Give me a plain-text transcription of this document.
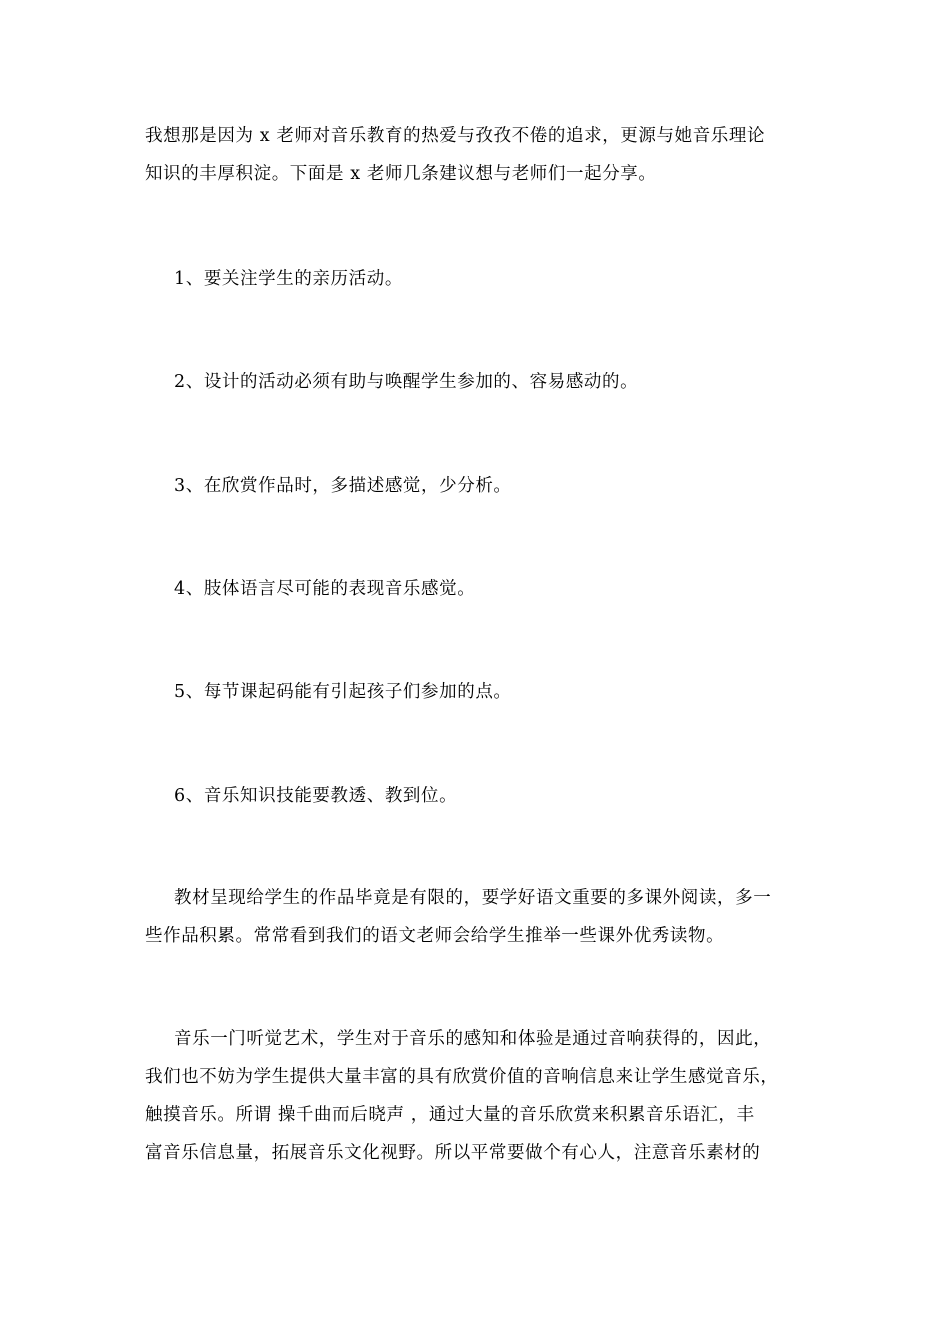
我想那是因为 x 老师对音乐教育的热爱与孜孜不倦的追求，更源与她音乐理论
知识的丰厚积淀。下面是 x 老师几条建议想与老师们一起分享。
1、要关注学生的亲历活动。
2、设计的活动必须有助与唤醒学生参加的、容易感动的。
3、在欣赏作品时，多描述感觉，少分析。
4、肢体语言尽可能的表现音乐感觉。
5、每节课起码能有引起孩子们参加的点。
6、音乐知识技能要教透、教到位。
教材呈现给学生的作品毕竟是有限的，要学好语文重要的多课外阅读，多一
些作品积累。常常看到我们的语文老师会给学生推举一些课外优秀读物。
音乐一门听觉艺术，学生对于音乐的感知和体验是通过音响获得的，因此，
我们也不妨为学生提供大量丰富的具有欣赏价值的音响信息来让学生感觉音乐，
触摸音乐。所谓 操千曲而后晓声 ，通过大量的音乐欣赏来积累音乐语汇，丰
富音乐信息量，拓展音乐文化视野。所以平常要做个有心人，注意音乐素材的
